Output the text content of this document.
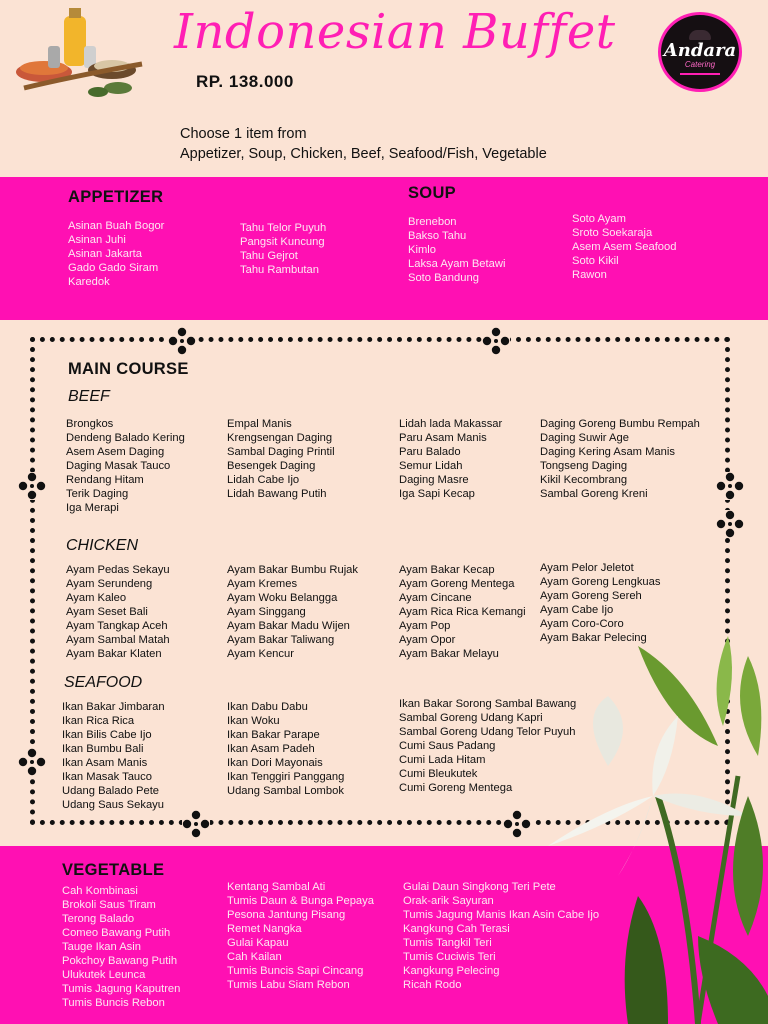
Indonesian Buffet
RP. 138.000
Andara
Catering
Choose 1 item from
Appetizer, Soup, Chicken, Beef, Seafood/Fish, Vegetable
APPETIZER
Asinan Buah Bogor
Asinan Juhi
Asinan Jakarta
Gado Gado Siram
Karedok
Tahu Telor Puyuh
Pangsit Kuncung
Tahu Gejrot
Tahu Rambutan
SOUP
Brenebon
Bakso Tahu
Kimlo
Laksa Ayam Betawi
Soto Bandung
Soto Ayam
Sroto Soekaraja
Asem Asem Seafood
Soto Kikil
Rawon
MAIN COURSE
BEEF
Brongkos
Dendeng Balado Kering
Asem Asem Daging
Daging Masak Tauco
Rendang Hitam
Terik Daging
Iga Merapi
Empal Manis
Krengsengan Daging
Sambal Daging Printil
Besengek Daging
Lidah Cabe Ijo
Lidah Bawang Putih
Lidah lada Makassar
Paru Asam Manis
Paru Balado
Semur Lidah
Daging Masre
Iga Sapi Kecap
Daging Goreng Bumbu Rempah
Daging Suwir Age
Daging Kering Asam Manis
Tongseng Daging
Kikil Kecombrang
Sambal Goreng Kreni
CHICKEN
Ayam Pedas Sekayu
Ayam Serundeng
Ayam Kaleo
Ayam Seset Bali
Ayam Tangkap Aceh
Ayam Sambal Matah
Ayam Bakar Klaten
Ayam Bakar Bumbu Rujak
Ayam Kremes
Ayam Woku Belangga
Ayam Singgang
Ayam Bakar Madu Wijen
Ayam Bakar Taliwang
Ayam Kencur
Ayam Bakar Kecap
Ayam Goreng Mentega
Ayam Cincane
Ayam Rica Rica Kemangi
Ayam Pop
Ayam Opor
Ayam Bakar Melayu
Ayam Pelor Jeletot
Ayam Goreng Lengkuas
Ayam Goreng Sereh
Ayam Cabe Ijo
Ayam Coro-Coro
Ayam Bakar Pelecing
SEAFOOD
Ikan Bakar Jimbaran
Ikan Rica Rica
Ikan Bilis Cabe Ijo
Ikan Bumbu Bali
Ikan Asam Manis
Ikan Masak Tauco
Udang Balado Pete
Udang Saus Sekayu
Ikan Dabu Dabu
Ikan Woku
Ikan Bakar Parape
Ikan Asam Padeh
Ikan Dori Mayonais
Ikan Tenggiri Panggang
Udang Sambal Lombok
Ikan Bakar Sorong Sambal Bawang
Sambal Goreng Udang Kapri
Sambal Goreng Udang Telor Puyuh
Cumi Saus Padang
Cumi Lada Hitam
Cumi Bleukutek
Cumi Goreng Mentega
VEGETABLE
Cah Kombinasi
Brokoli Saus Tiram
Terong Balado
Comeo Bawang Putih
Tauge Ikan Asin
Pokchoy Bawang Putih
Ulukutek Leunca
Tumis Jagung Kaputren
Tumis Buncis Rebon
Kentang Sambal Ati
Tumis Daun & Bunga Pepaya
Pesona Jantung Pisang
Remet Nangka
Gulai Kapau
Cah Kailan
Tumis Buncis Sapi Cincang
Tumis Labu Siam Rebon
Gulai Daun Singkong Teri Pete
Orak-arik Sayuran
Tumis Jagung Manis Ikan Asin Cabe Ijo
Kangkung Cah Terasi
Tumis Tangkil Teri
Tumis Cuciwis Teri
Kangkung Pelecing
Ricah Rodo
